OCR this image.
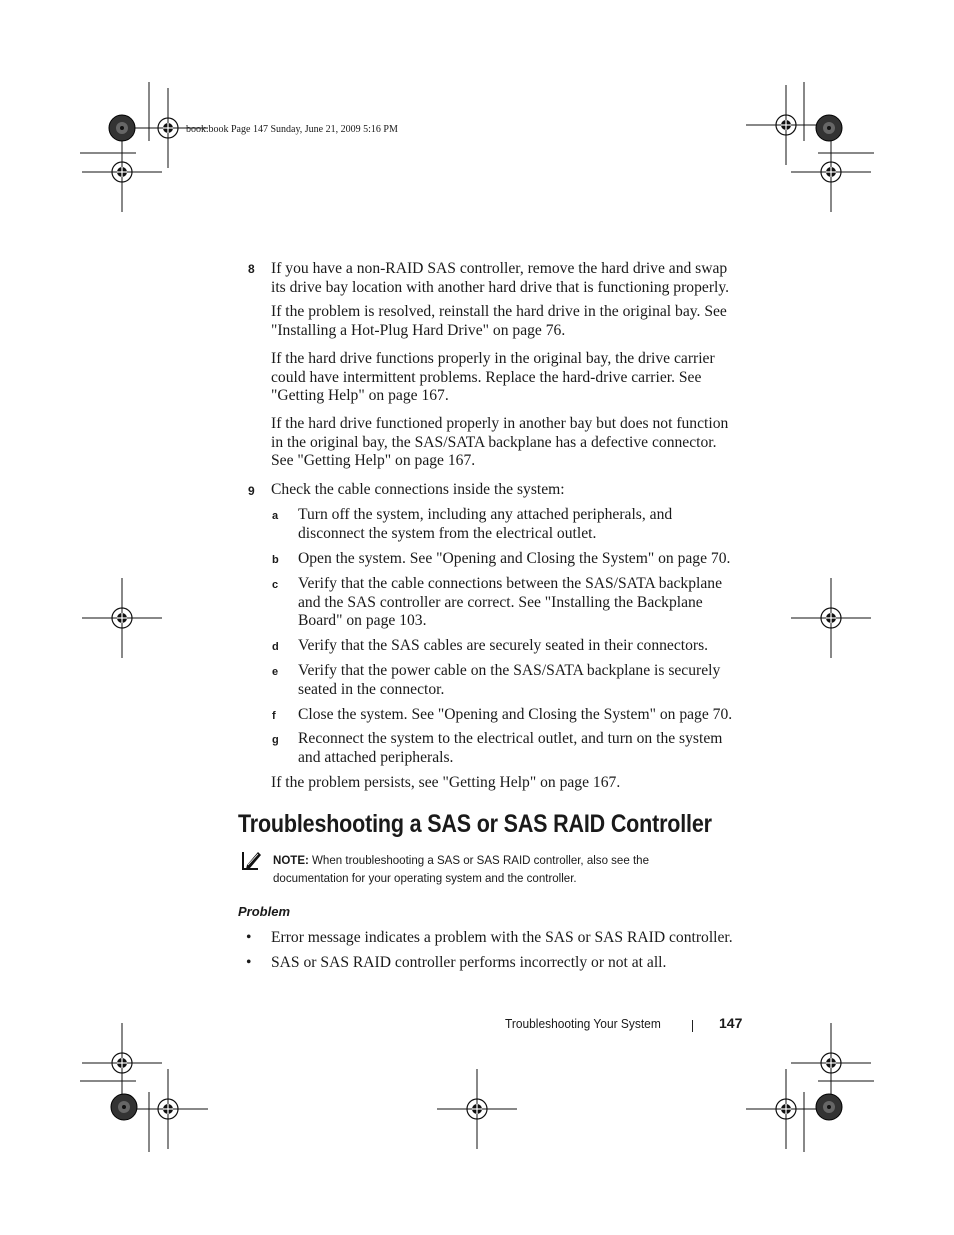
book.book Page 147 Sunday, June 21, 2009 5:16 PM
8 If you have a non-RAID SAS controller, remove the hard drive and swap its drive bay location with another hard drive that is functioning properly.
If the problem is resolved, reinstall the hard drive in the original bay. See "Installing a Hot-Plug Hard Drive" on page 76.
If the hard drive functions properly in the original bay, the drive carrier could have intermittent problems. Replace the hard-drive carrier. See "Getting Help" on page 167.
If the hard drive functioned properly in another bay but does not function in the original bay, the SAS/SATA backplane has a defective connector. See "Getting Help" on page 167.
9 Check the cable connections inside the system:
a Turn off the system, including any attached peripherals, and disconnect the system from the electrical outlet.
b Open the system. See "Opening and Closing the System" on page 70.
c Verify that the cable connections between the SAS/SATA backplane and the SAS controller are correct. See "Installing the Backplane Board" on page 103.
d Verify that the SAS cables are securely seated in their connectors.
e Verify that the power cable on the SAS/SATA backplane is securely seated in the connector.
f Close the system. See "Opening and Closing the System" on page 70.
g Reconnect the system to the electrical outlet, and turn on the system and attached peripherals.
If the problem persists, see "Getting Help" on page 167.
Troubleshooting a SAS or SAS RAID Controller
NOTE: When troubleshooting a SAS or SAS RAID controller, also see the documentation for your operating system and the controller.
Problem
• Error message indicates a problem with the SAS or SAS RAID controller.
• SAS or SAS RAID controller performs incorrectly or not at all.
Troubleshooting Your System	147
